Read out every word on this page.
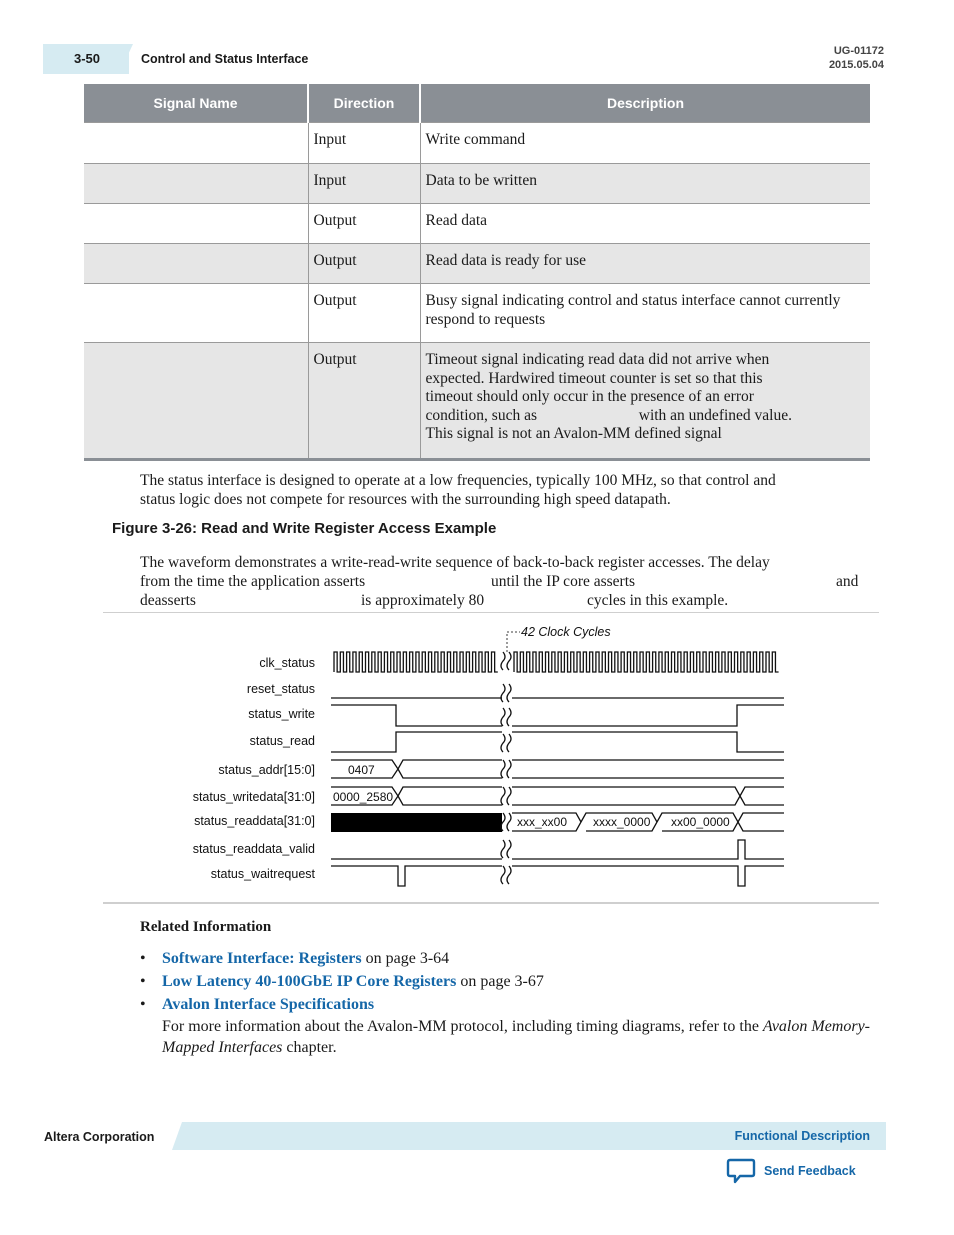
3-50	Control and Status Interface
UG-01172
2015.05.04
Signal Name	Direction	Description
	Input	Write command
	Input	Data to be written
	Output	Read data
	Output	Read data is ready for use
	Output	Busy signal indicating control and status interface cannot currently respond to requests
	Output	Timeout signal indicating read data did not arrive when
expected. Hardwired timeout counter is set so that this
timeout should only occur in the presence of an error
condition, such as with an undefined value.
This signal is not an Avalon-MM defined signal
The status interface is designed to operate at a low frequencies, typically 100 MHz, so that control and
status logic does not compete for resources with the surrounding high speed datapath.
Figure 3-26: Read and Write Register Access Example
The waveform demonstrates a write-read-write sequence of back-to-back register accesses. The delay
from the time the application asserts	until the IP core asserts	and
deasserts	is approximately 80	cycles in this example.
42 Clock Cycles
clk_status
reset_status
status_write
status_read
status_addr[15:0]
status_writedata[31:0]
status_readdata[31:0]
status_readdata_valid
status_waitrequest
0407
0000_2580
xxx_xx00 xxxx_0000 xx00_0000
Related Information
• Software Interface: Registers on page 3-64
• Low Latency 40-100GbE IP Core Registers on page 3-67
• Avalon Interface Specifications
For more information about the Avalon-MM protocol, including timing diagrams, refer to the Avalon Memory-Mapped Interfaces chapter.
Altera Corporation	Functional Description
Send Feedback
